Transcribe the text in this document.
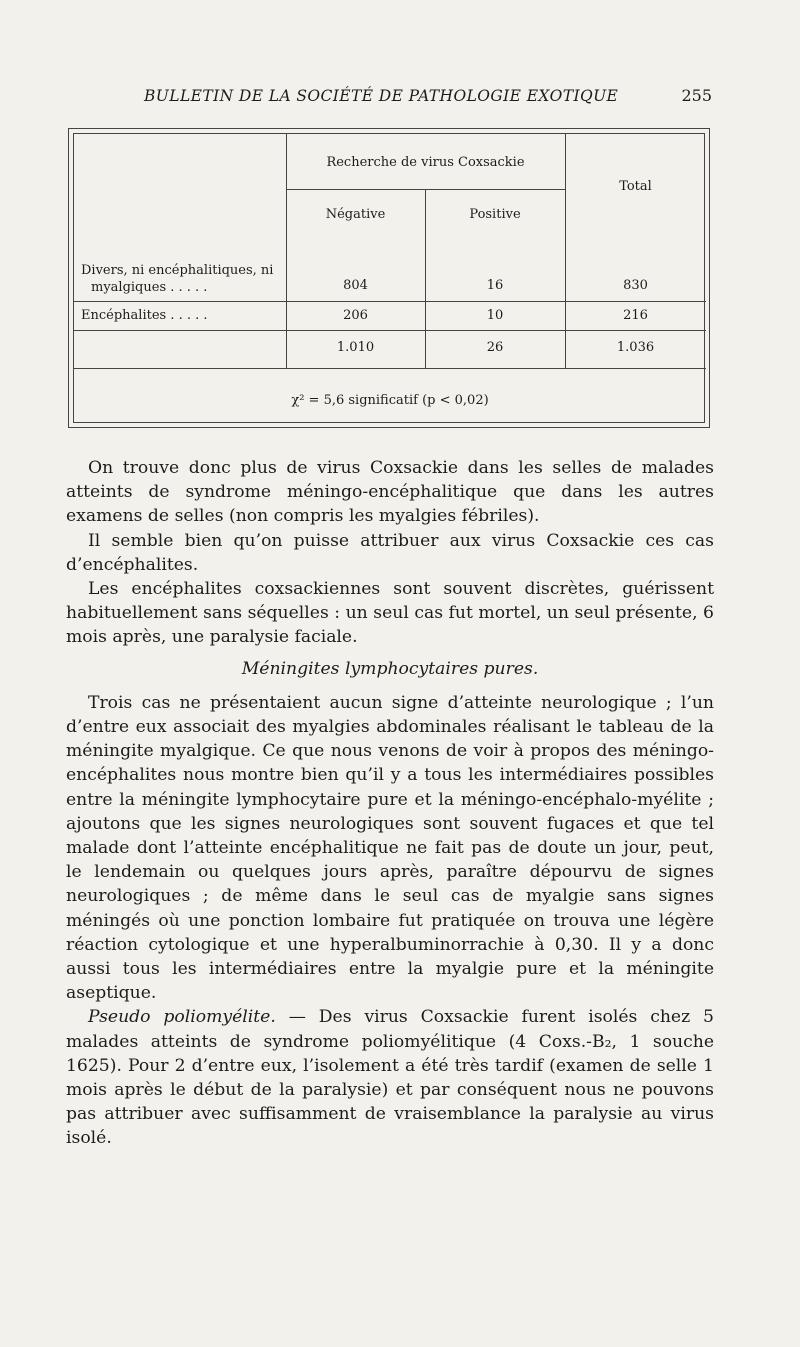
BULLETIN DE LA SOCIÉTÉ DE PATHOLOGIE EXOTIQUE	255
Recherche de virus Coxsackie
Total
Négative	Positive
Divers, ni encéphalitiques, ni
myalgiques . . . . .	804	16	830
Encéphalites . . . . .	206	10	216
1.010	26	1.036
χ² = 5,6 significatif (p < 0,02)

On trouve donc plus de virus Coxsackie dans les selles de malades atteints de syndrome méningo-encéphalitique que dans les autres examens de selles (non compris les myalgies fébriles).

Il semble bien qu’on puisse attribuer aux virus Coxsackie ces cas d’encéphalites.

Les encéphalites coxsackiennes sont souvent discrètes, guérissent habituellement sans séquelles : un seul cas fut mortel, un seul présente, 6 mois après, une paralysie faciale.

Méningites lymphocytaires pures.

Trois cas ne présentaient aucun signe d’atteinte neurologique ; l’un d’entre eux associait des myalgies abdominales réalisant le tableau de la méningite myalgique. Ce que nous venons de voir à propos des méningo-encéphalites nous montre bien qu’il y a tous les intermédiaires possibles entre la méningite lymphocytaire pure et la méningo-encéphalo-myélite ; ajoutons que les signes neurologiques sont souvent fugaces et que tel malade dont l’atteinte encéphalitique ne fait pas de doute un jour, peut, le lendemain ou quelques jours après, paraître dépourvu de signes neurologiques ; de même dans le seul cas de myalgie sans signes méningés où une ponction lombaire fut pratiquée on trouva une légère réaction cytologique et une hyperalbuminorrachie à 0,30. Il y a donc aussi tous les intermédiaires entre la myalgie pure et la méningite aseptique.

Pseudo poliomyélite. — Des virus Coxsackie furent isolés chez 5 malades atteints de syndrome poliomyélitique (4 Coxs.-B₂, 1 souche 1625). Pour 2 d’entre eux, l’isolement a été très tardif (examen de selle 1 mois après le début de la paralysie) et par conséquent nous ne pouvons pas attribuer avec suffisamment de vraisemblance la paralysie au virus isolé.
